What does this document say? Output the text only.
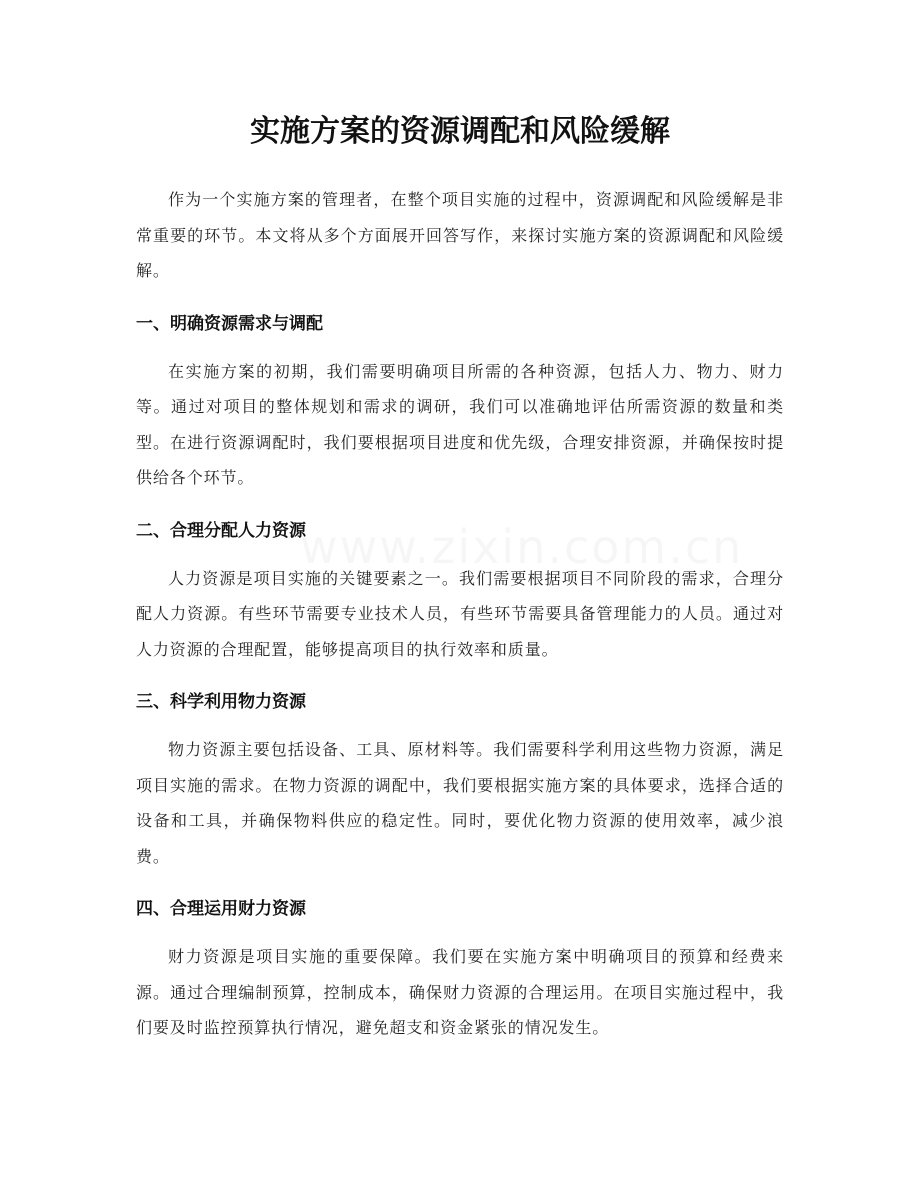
实施方案的资源调配和风险缓解

作为一个实施方案的管理者，在整个项目实施的过程中，资源调配和风险缓解是非常重要的环节。本文将从多个方面展开回答写作，来探讨实施方案的资源调配和风险缓解。

一、明确资源需求与调配

在实施方案的初期，我们需要明确项目所需的各种资源，包括人力、物力、财力等。通过对项目的整体规划和需求的调研，我们可以准确地评估所需资源的数量和类型。在进行资源调配时，我们要根据项目进度和优先级，合理安排资源，并确保按时提供给各个环节。

二、合理分配人力资源

人力资源是项目实施的关键要素之一。我们需要根据项目不同阶段的需求，合理分配人力资源。有些环节需要专业技术人员，有些环节需要具备管理能力的人员。通过对人力资源的合理配置，能够提高项目的执行效率和质量。

三、科学利用物力资源

物力资源主要包括设备、工具、原材料等。我们需要科学利用这些物力资源，满足项目实施的需求。在物力资源的调配中，我们要根据实施方案的具体要求，选择合适的设备和工具，并确保物料供应的稳定性。同时，要优化物力资源的使用效率，减少浪费。

四、合理运用财力资源

财力资源是项目实施的重要保障。我们要在实施方案中明确项目的预算和经费来源。通过合理编制预算，控制成本，确保财力资源的合理运用。在项目实施过程中，我们要及时监控预算执行情况，避免超支和资金紧张的情况发生。
